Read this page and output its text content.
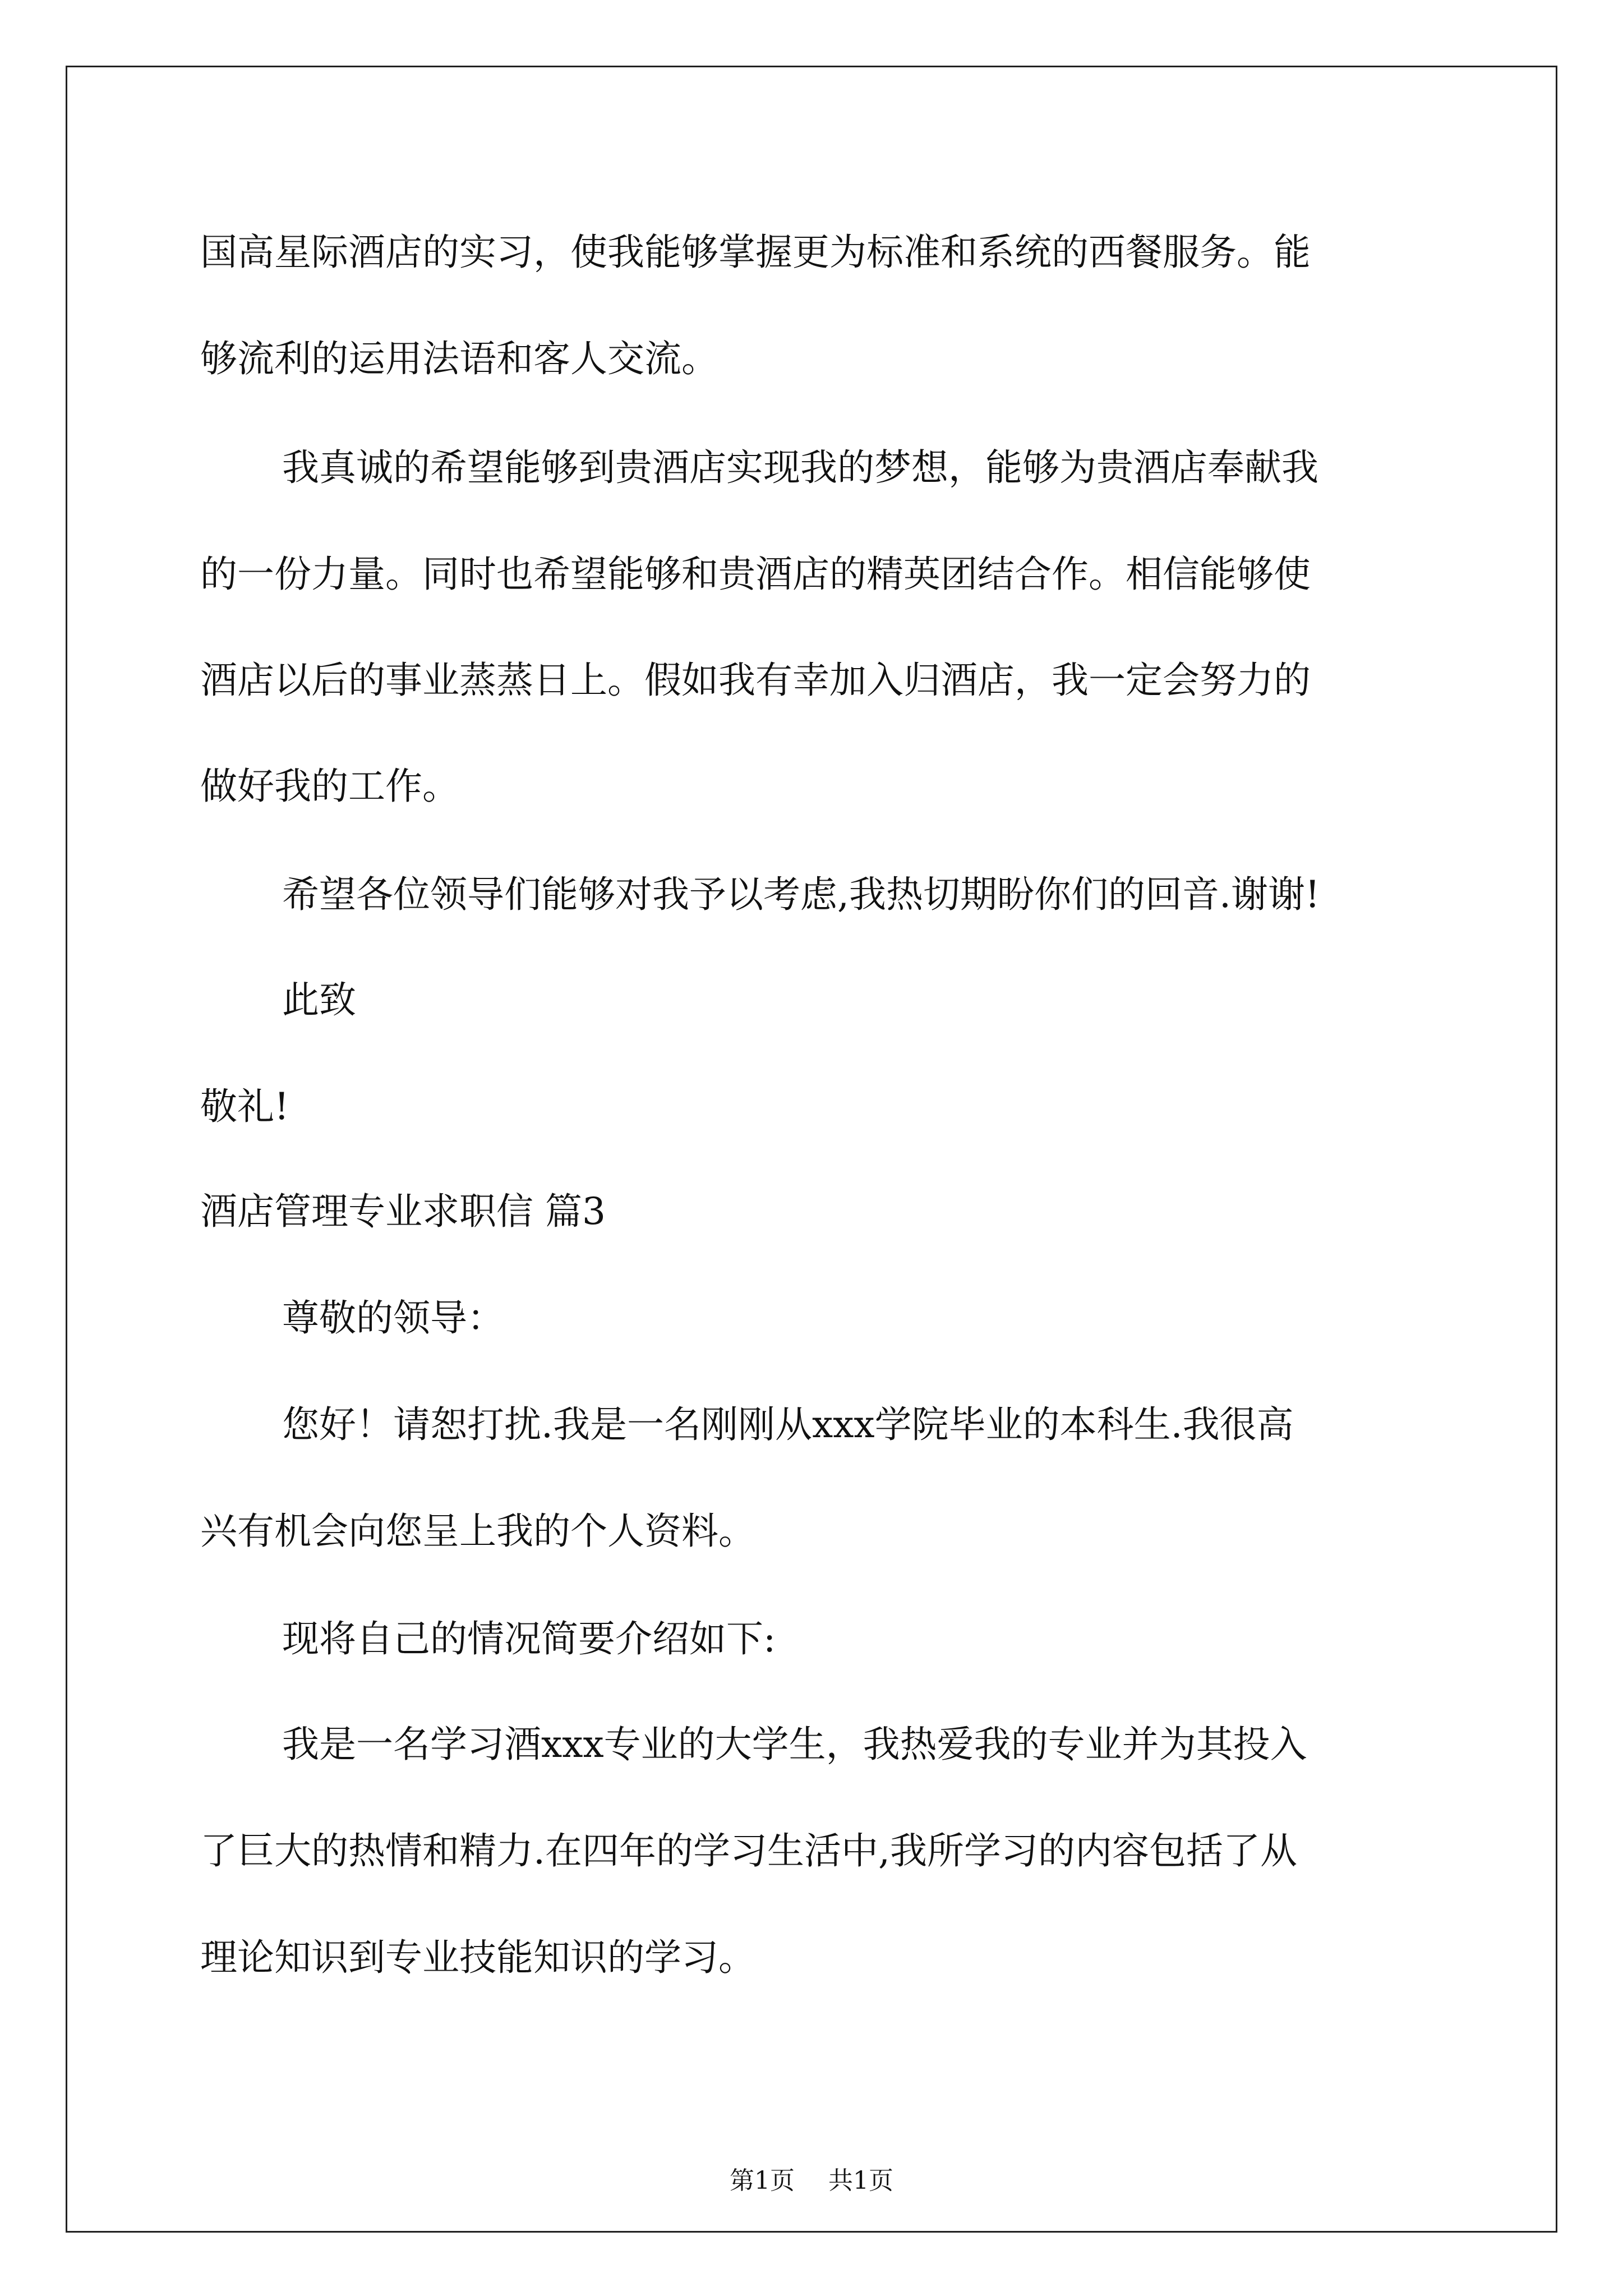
国高星际酒店的实习，使我能够掌握更为标准和系统的西餐服务。能

够流利的运用法语和客人交流。

我真诚的希望能够到贵酒店实现我的梦想，能够为贵酒店奉献我

的一份力量。同时也希望能够和贵酒店的精英团结合作。相信能够使

酒店以后的事业蒸蒸日上。假如我有幸加入归酒店，我一定会努力的

做好我的工作。

希望各位领导们能够对我予以考虑,我热切期盼你们的回音.谢谢!

此致

敬礼!

酒店管理专业求职信 篇3

尊敬的领导：

您好！请恕打扰.我是一名刚刚从xxx学院毕业的本科生.我很高

兴有机会向您呈上我的个人资料。

现将自己的情况简要介绍如下:

我是一名学习酒xxx专业的大学生，我热爱我的专业并为其投入

了巨大的热情和精力.在四年的学习生活中,我所学习的内容包括了从

理论知识到专业技能知识的学习。

第1页 共1页
